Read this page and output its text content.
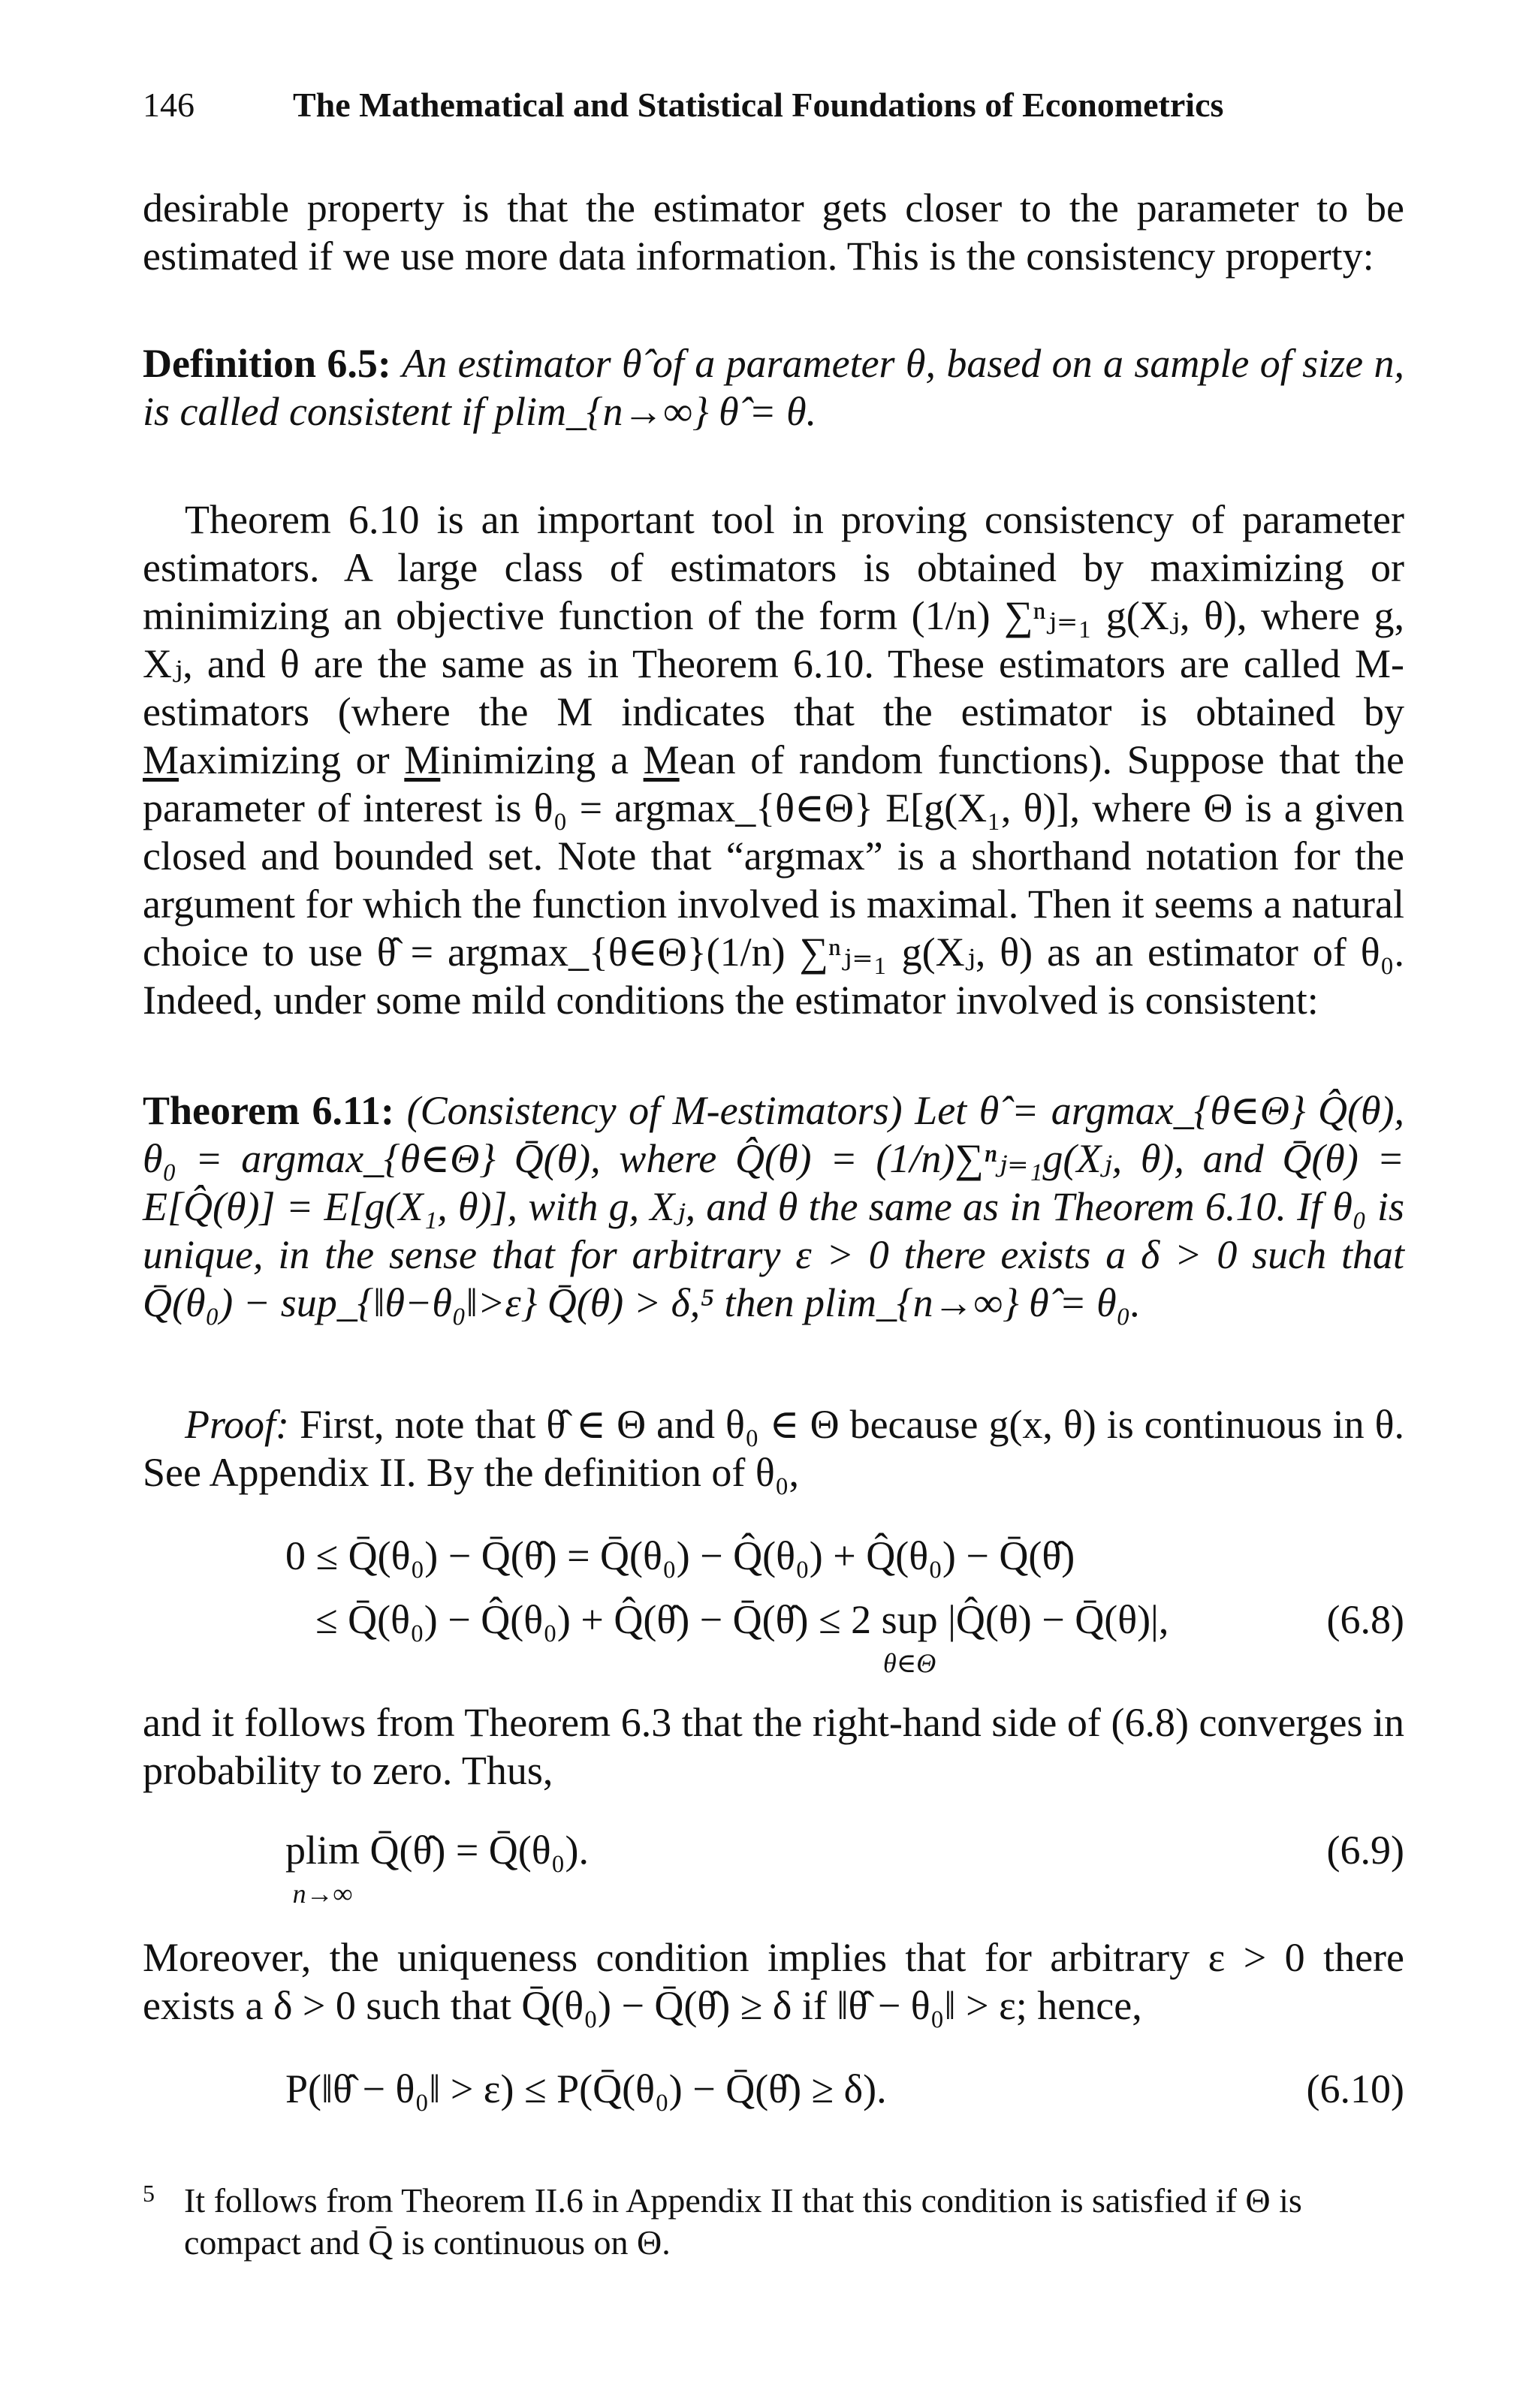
146	The Mathematical and Statistical Foundations of Econometrics
desirable property is that the estimator gets closer to the parameter to be estimated if we use more data information. This is the consistency property:
Definition 6.5: An estimator θ̂ of a parameter θ, based on a sample of size n, is called consistent if plim_{n→∞} θ̂ = θ.
Theorem 6.10 is an important tool in proving consistency of parameter estimators. A large class of estimators is obtained by maximizing or minimizing an objective function of the form (1/n) ∑ⁿⱼ₌₁ g(Xⱼ, θ), where g, Xⱼ, and θ are the same as in Theorem 6.10. These estimators are called M-estimators (where the M indicates that the estimator is obtained by Maximizing or Minimizing a Mean of random functions). Suppose that the parameter of interest is θ₀ = argmax_{θ∈Θ} E[g(X₁, θ)], where Θ is a given closed and bounded set. Note that “argmax” is a shorthand notation for the argument for which the function involved is maximal. Then it seems a natural choice to use θ̂ = argmax_{θ∈Θ}(1/n) ∑ⁿⱼ₌₁ g(Xⱼ, θ) as an estimator of θ₀. Indeed, under some mild conditions the estimator involved is consistent:
Theorem 6.11: (Consistency of M-estimators) Let θ̂ = argmax_{θ∈Θ} Q̂(θ), θ₀ = argmax_{θ∈Θ} Q̄(θ), where Q̂(θ) = (1/n)∑ⁿⱼ₌₁g(Xⱼ, θ), and Q̄(θ) = E[Q̂(θ)] = E[g(X₁, θ)], with g, Xⱼ, and θ the same as in Theorem 6.10. If θ₀ is unique, in the sense that for arbitrary ε > 0 there exists a δ > 0 such that Q̄(θ₀) − sup_{‖θ−θ₀‖>ε} Q̄(θ) > δ,⁵ then plim_{n→∞} θ̂ = θ₀.
Proof: First, note that θ̂ ∈ Θ and θ₀ ∈ Θ because g(x, θ) is continuous in θ. See Appendix II. By the definition of θ₀,
0 ≤ Q̄(θ₀) − Q̄(θ̂) = Q̄(θ₀) − Q̂(θ₀) + Q̂(θ₀) − Q̄(θ̂)
≤ Q̄(θ₀) − Q̂(θ₀) + Q̂(θ̂) − Q̄(θ̂) ≤ 2 sup
θ∈Θ
|Q̂(θ) − Q̄(θ)|,	(6.8)
and it follows from Theorem 6.3 that the right-hand side of (6.8) converges in probability to zero. Thus,
plim
n→∞
Q̄(θ̂) = Q̄(θ₀).	(6.9)
Moreover, the uniqueness condition implies that for arbitrary ε > 0 there exists a δ > 0 such that Q̄(θ₀) − Q̄(θ̂) ≥ δ if ‖θ̂ − θ₀‖ > ε; hence,
P(‖θ̂ − θ₀‖ > ε) ≤ P(Q̄(θ₀) − Q̄(θ̂) ≥ δ).	(6.10)
5 It follows from Theorem II.6 in Appendix II that this condition is satisfied if Θ is compact and Q̄ is continuous on Θ.
